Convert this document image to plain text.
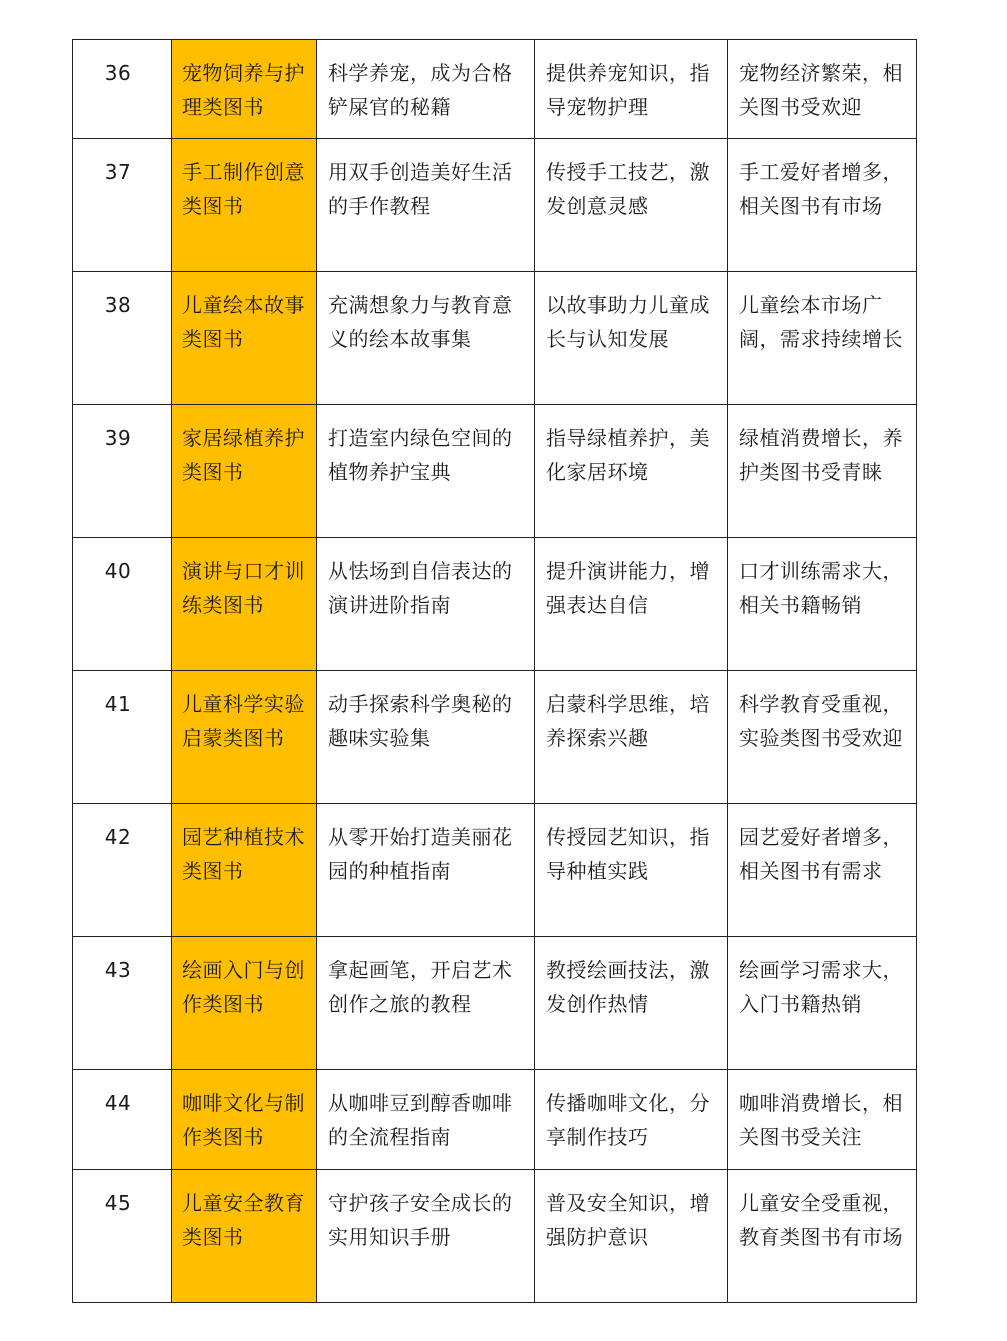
36	宠物饲养与护理类图书	科学养宠，成为合格铲屎官的秘籍	提供养宠知识，指导宠物护理	宠物经济繁荣，相关图书受欢迎
37	手工制作创意类图书	用双手创造美好生活的手作教程	传授手工技艺，激发创意灵感	手工爱好者增多，相关图书有市场
38	儿童绘本故事类图书	充满想象力与教育意义的绘本故事集	以故事助力儿童成长与认知发展	儿童绘本市场广阔，需求持续增长
39	家居绿植养护类图书	打造室内绿色空间的植物养护宝典	指导绿植养护，美化家居环境	绿植消费增长，养护类图书受青睐
40	演讲与口才训练类图书	从怯场到自信表达的演讲进阶指南	提升演讲能力，增强表达自信	口才训练需求大，相关书籍畅销
41	儿童科学实验启蒙类图书	动手探索科学奥秘的趣味实验集	启蒙科学思维，培养探索兴趣	科学教育受重视，实验类图书受欢迎
42	园艺种植技术类图书	从零开始打造美丽花园的种植指南	传授园艺知识，指导种植实践	园艺爱好者增多，相关图书有需求
43	绘画入门与创作类图书	拿起画笔，开启艺术创作之旅的教程	教授绘画技法，激发创作热情	绘画学习需求大，入门书籍热销
44	咖啡文化与制作类图书	从咖啡豆到醇香咖啡的全流程指南	传播咖啡文化，分享制作技巧	咖啡消费增长，相关图书受关注
45	儿童安全教育类图书	守护孩子安全成长的实用知识手册	普及安全知识，增强防护意识	儿童安全受重视，教育类图书有市场
